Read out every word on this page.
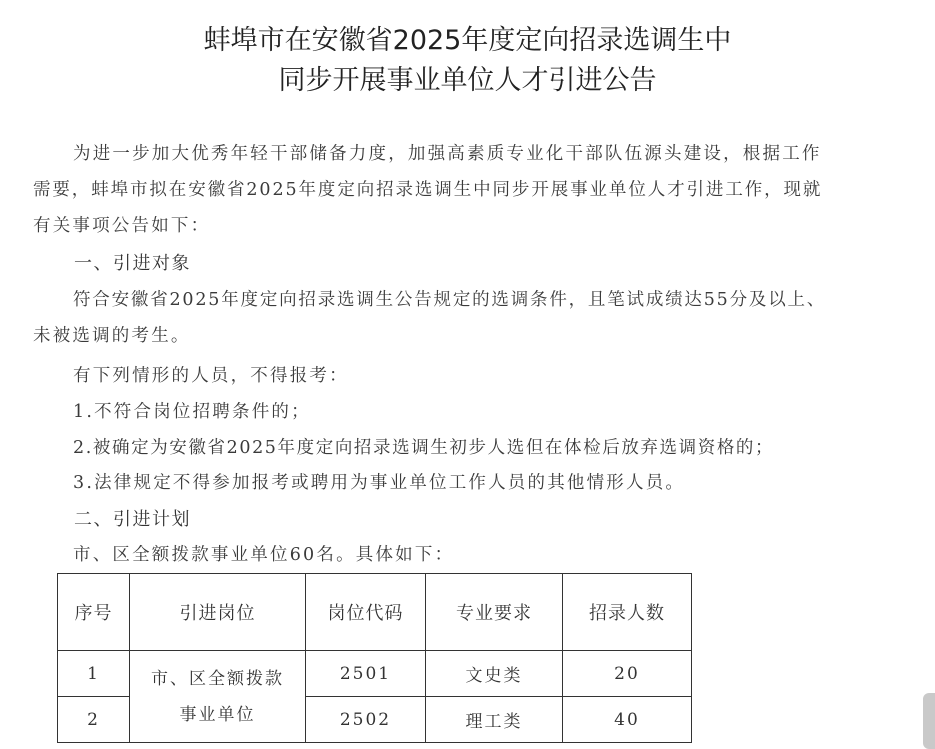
蚌埠市在安徽省2025年度定向招录选调生中
同步开展事业单位人才引进公告
为进一步加大优秀年轻干部储备力度，加强高素质专业化干部队伍源头建设，根据工作
需要，蚌埠市拟在安徽省2025年度定向招录选调生中同步开展事业单位人才引进工作，现就
有关事项公告如下：
一、引进对象
符合安徽省2025年度定向招录选调生公告规定的选调条件，且笔试成绩达55分及以上、
未被选调的考生。
有下列情形的人员，不得报考：
1.不符合岗位招聘条件的；
2.被确定为安徽省2025年度定向招录选调生初步人选但在体检后放弃选调资格的；
3.法律规定不得参加报考或聘用为事业单位工作人员的其他情形人员。
二、引进计划
市、区全额拨款事业单位60名。具体如下：
序号	引进岗位	岗位代码	专业要求	招录人数
1	市、区全额拨款
事业单位	2501	文史类	20
2		2502	理工类	40
